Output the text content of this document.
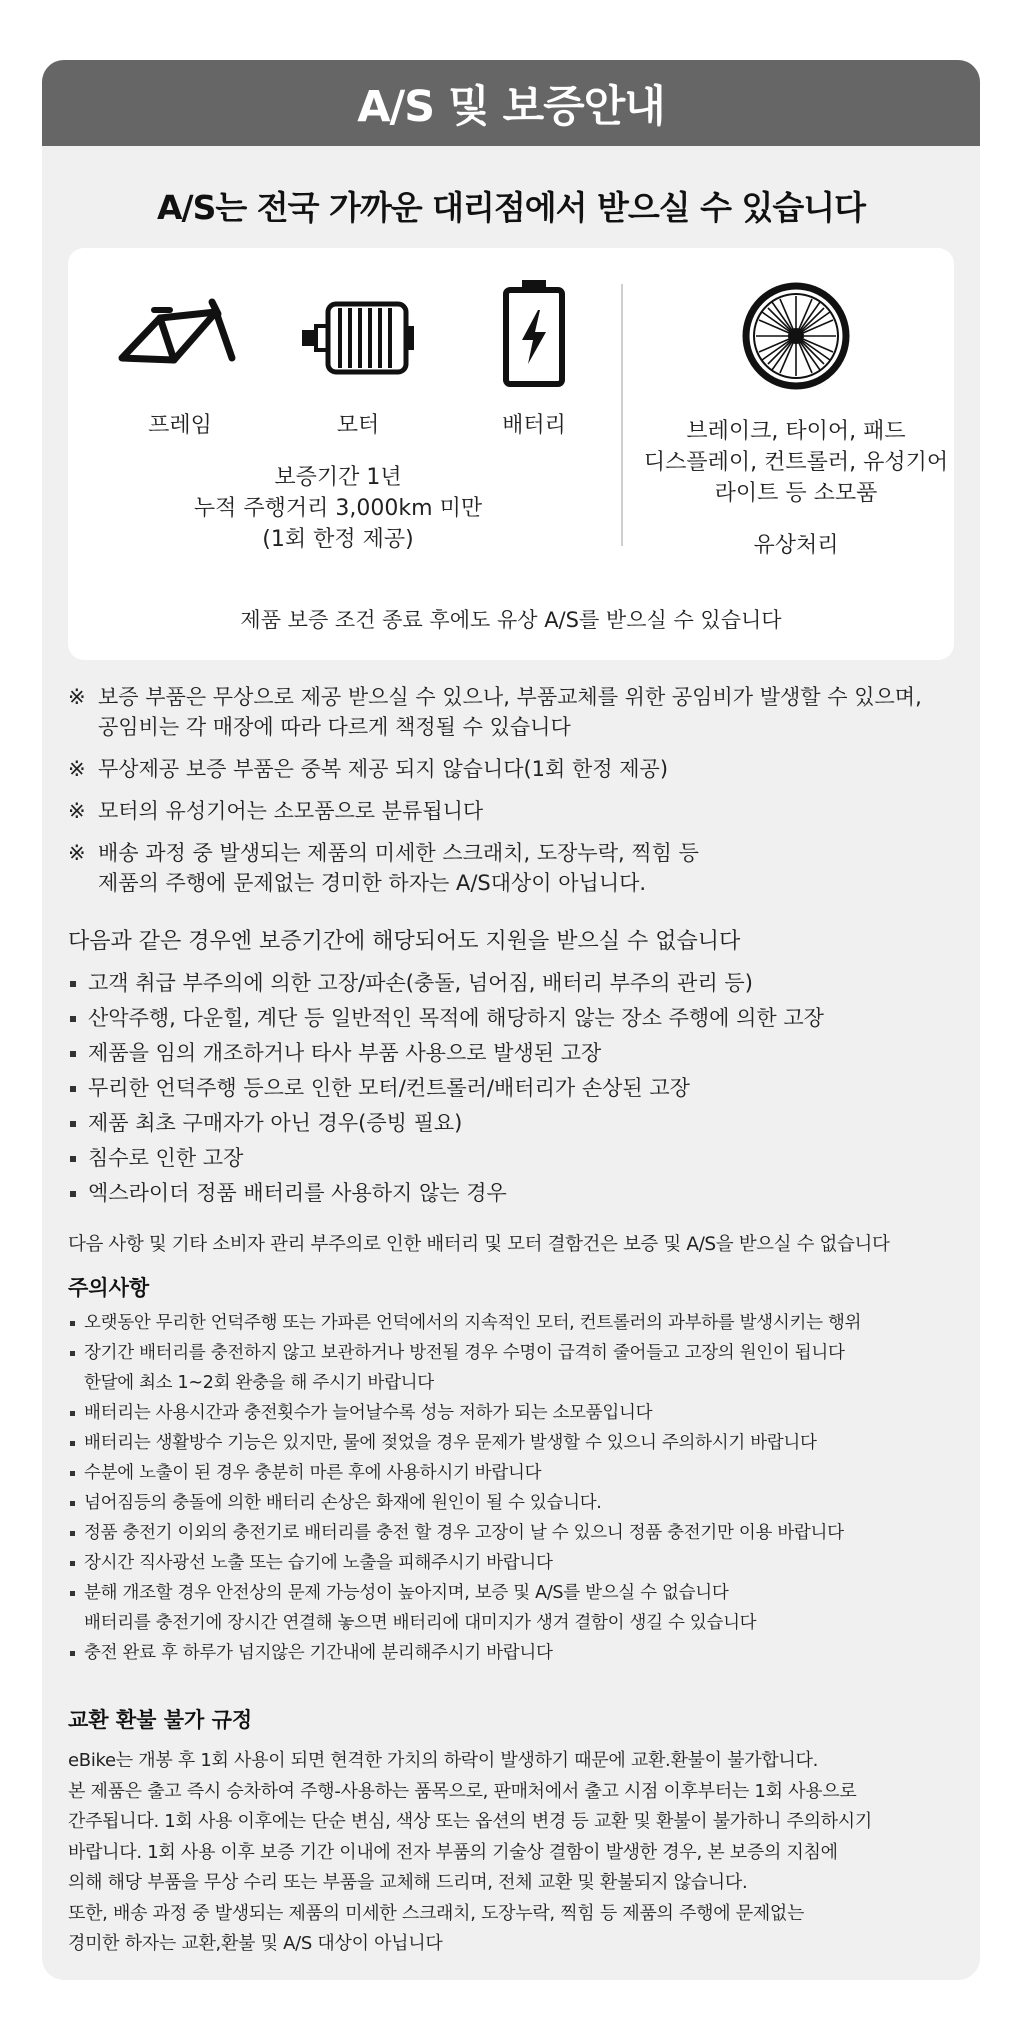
A/S 및 보증안내
A/S는 전국 가까운 대리점에서 받으실 수 있습니다
프레임	모터	배터리
보증기간 1년
누적 주행거리 3,000km 미만
(1회 한정 제공)
브레이크, 타이어, 패드
디스플레이, 컨트롤러, 유성기어
라이트 등 소모품
유상처리
제품 보증 조건 종료 후에도 유상 A/S를 받으실 수 있습니다
※ 보증 부품은 무상으로 제공 받으실 수 있으나, 부품교체를 위한 공임비가 발생할 수 있으며,
공임비는 각 매장에 따라 다르게 책정될 수 있습니다
※ 무상제공 보증 부품은 중복 제공 되지 않습니다(1회 한정 제공)
※ 모터의 유성기어는 소모품으로 분류됩니다
※ 배송 과정 중 발생되는 제품의 미세한 스크래치, 도장누락, 찍힘 등
제품의 주행에 문제없는 경미한 하자는 A/S대상이 아닙니다.
다음과 같은 경우엔 보증기간에 해당되어도 지원을 받으실 수 없습니다
고객 취급 부주의에 의한 고장/파손(충돌, 넘어짐, 배터리 부주의 관리 등)
산악주행, 다운힐, 계단 등 일반적인 목적에 해당하지 않는 장소 주행에 의한 고장
제품을 임의 개조하거나 타사 부품 사용으로 발생된 고장
무리한 언덕주행 등으로 인한 모터/컨트롤러/배터리가 손상된 고장
제품 최초 구매자가 아닌 경우(증빙 필요)
침수로 인한 고장
엑스라이더 정품 배터리를 사용하지 않는 경우
다음 사항 및 기타 소비자 관리 부주의로 인한 배터리 및 모터 결함건은 보증 및 A/S을 받으실 수 없습니다
주의사항
오랫동안 무리한 언덕주행 또는 가파른 언덕에서의 지속적인 모터, 컨트롤러의 과부하를 발생시키는 행위
장기간 배터리를 충전하지 않고 보관하거나 방전될 경우 수명이 급격히 줄어들고 고장의 원인이 됩니다
한달에 최소 1~2회 완충을 해 주시기 바랍니다
배터리는 사용시간과 충전횟수가 늘어날수록 성능 저하가 되는 소모품입니다
배터리는 생활방수 기능은 있지만, 물에 젖었을 경우 문제가 발생할 수 있으니 주의하시기 바랍니다
수분에 노출이 된 경우 충분히 마른 후에 사용하시기 바랍니다
넘어짐등의 충돌에 의한 배터리 손상은 화재에 원인이 될 수 있습니다.
정품 충전기 이외의 충전기로 배터리를 충전 할 경우 고장이 날 수 있으니 정품 충전기만 이용 바랍니다
장시간 직사광선 노출 또는 습기에 노출을 피해주시기 바랍니다
분해 개조할 경우 안전상의 문제 가능성이 높아지며, 보증 및 A/S를 받으실 수 없습니다
배터리를 충전기에 장시간 연결해 놓으면 배터리에 대미지가 생겨 결함이 생길 수 있습니다
충전 완료 후 하루가 넘지않은 기간내에 분리해주시기 바랍니다
교환 환불 불가 규정
eBike는 개봉 후 1회 사용이 되면 현격한 가치의 하락이 발생하기 때문에 교환.환불이 불가합니다.
본 제품은 출고 즉시 승차하여 주행-사용하는 품목으로, 판매처에서 출고 시점 이후부터는 1회 사용으로
간주됩니다. 1회 사용 이후에는 단순 변심, 색상 또는 옵션의 변경 등 교환 및 환불이 불가하니 주의하시기
바랍니다. 1회 사용 이후 보증 기간 이내에 전자 부품의 기술상 결함이 발생한 경우, 본 보증의 지침에
의해 해당 부품을 무상 수리 또는 부품을 교체해 드리며, 전체 교환 및 환불되지 않습니다.
또한, 배송 과정 중 발생되는 제품의 미세한 스크래치, 도장누락, 찍힘 등 제품의 주행에 문제없는
경미한 하자는 교환,환불 및 A/S 대상이 아닙니다
